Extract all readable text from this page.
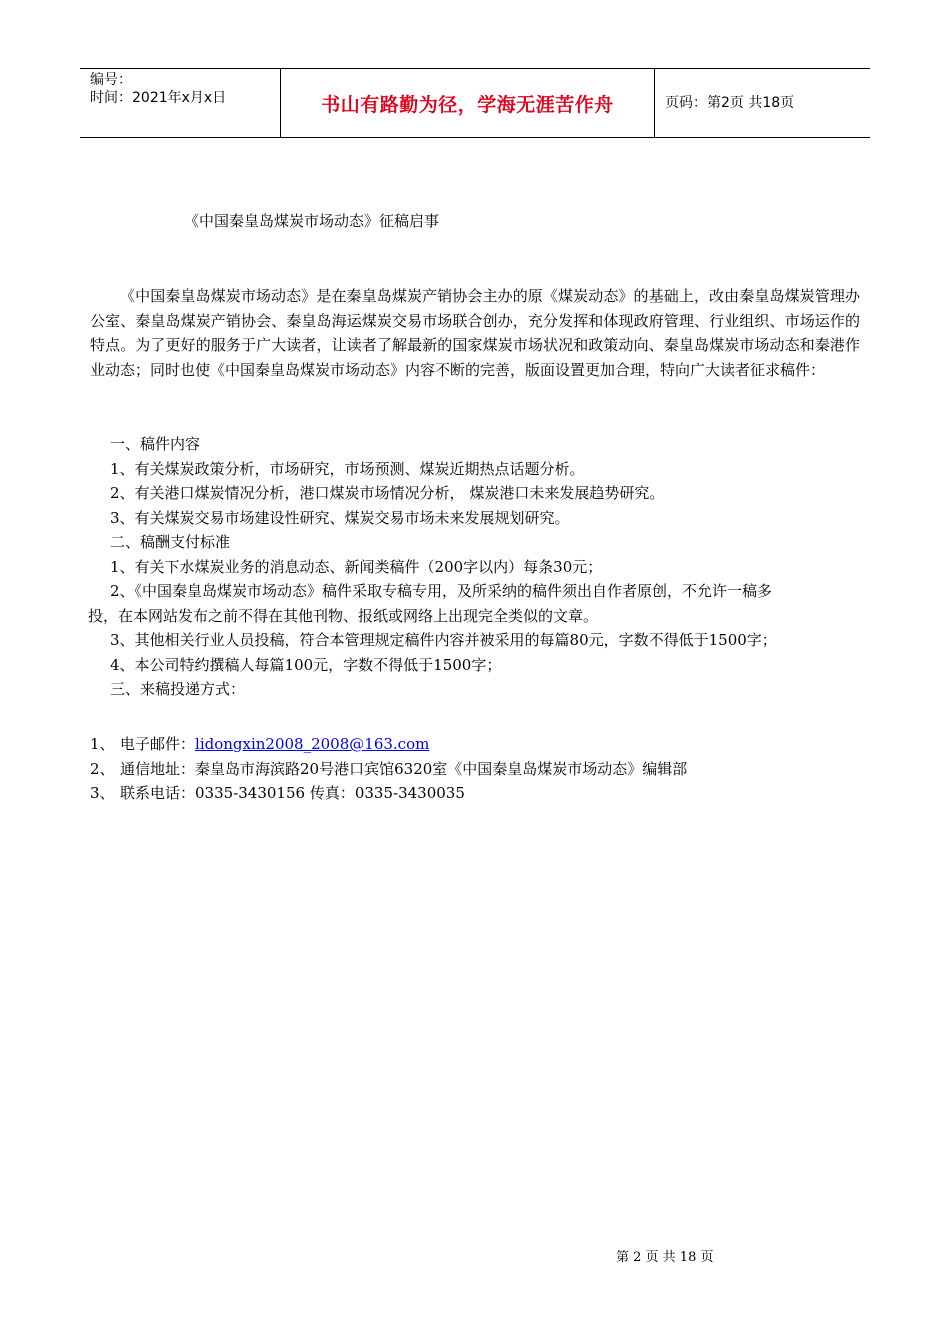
编号：
时间：2021年x月x日	书山有路勤为径，学海无涯苦作舟	页码：第2页 共18页
《中国秦皇岛煤炭市场动态》征稿启事

《中国秦皇岛煤炭市场动态》是在秦皇岛煤炭产销协会主办的原《煤炭动态》的基础上，改由秦皇岛煤炭管理办公室、秦皇岛煤炭产销协会、秦皇岛海运煤炭交易市场联合创办，充分发挥和体现政府管理、行业组织、市场运作的特点。为了更好的服务于广大读者，让读者了解最新的国家煤炭市场状况和政策动向、秦皇岛煤炭市场动态和秦港作业动态；同时也使《中国秦皇岛煤炭市场动态》内容不断的完善，版面设置更加合理，特向广大读者征求稿件：

一、稿件内容

1、有关煤炭政策分析，市场研究，市场预测、煤炭近期热点话题分析。

2、有关港口煤炭情况分析，港口煤炭市场情况分析， 煤炭港口未来发展趋势研究。

3、有关煤炭交易市场建设性研究、煤炭交易市场未来发展规划研究。

二、稿酬支付标准

1、有关下水煤炭业务的消息动态、新闻类稿件（200字以内）每条30元；

2、《中国秦皇岛煤炭市场动态》稿件采取专稿专用，及所采纳的稿件须出自作者原创，不允许一稿多

投，在本网站发布之前不得在其他刊物、报纸或网络上出现完全类似的文章。

3、其他相关行业人员投稿，符合本管理规定稿件内容并被采用的每篇80元，字数不得低于1500字；

4、本公司特约撰稿人每篇100元，字数不得低于1500字；

三、来稿投递方式：

1、 电子邮件：lidongxin2008_2008@163.com

2、 通信地址：秦皇岛市海滨路20号港口宾馆6320室《中国秦皇岛煤炭市场动态》编辑部

3、 联系电话：0335-3430156 传真：0335-3430035

第 2 页 共 18 页
